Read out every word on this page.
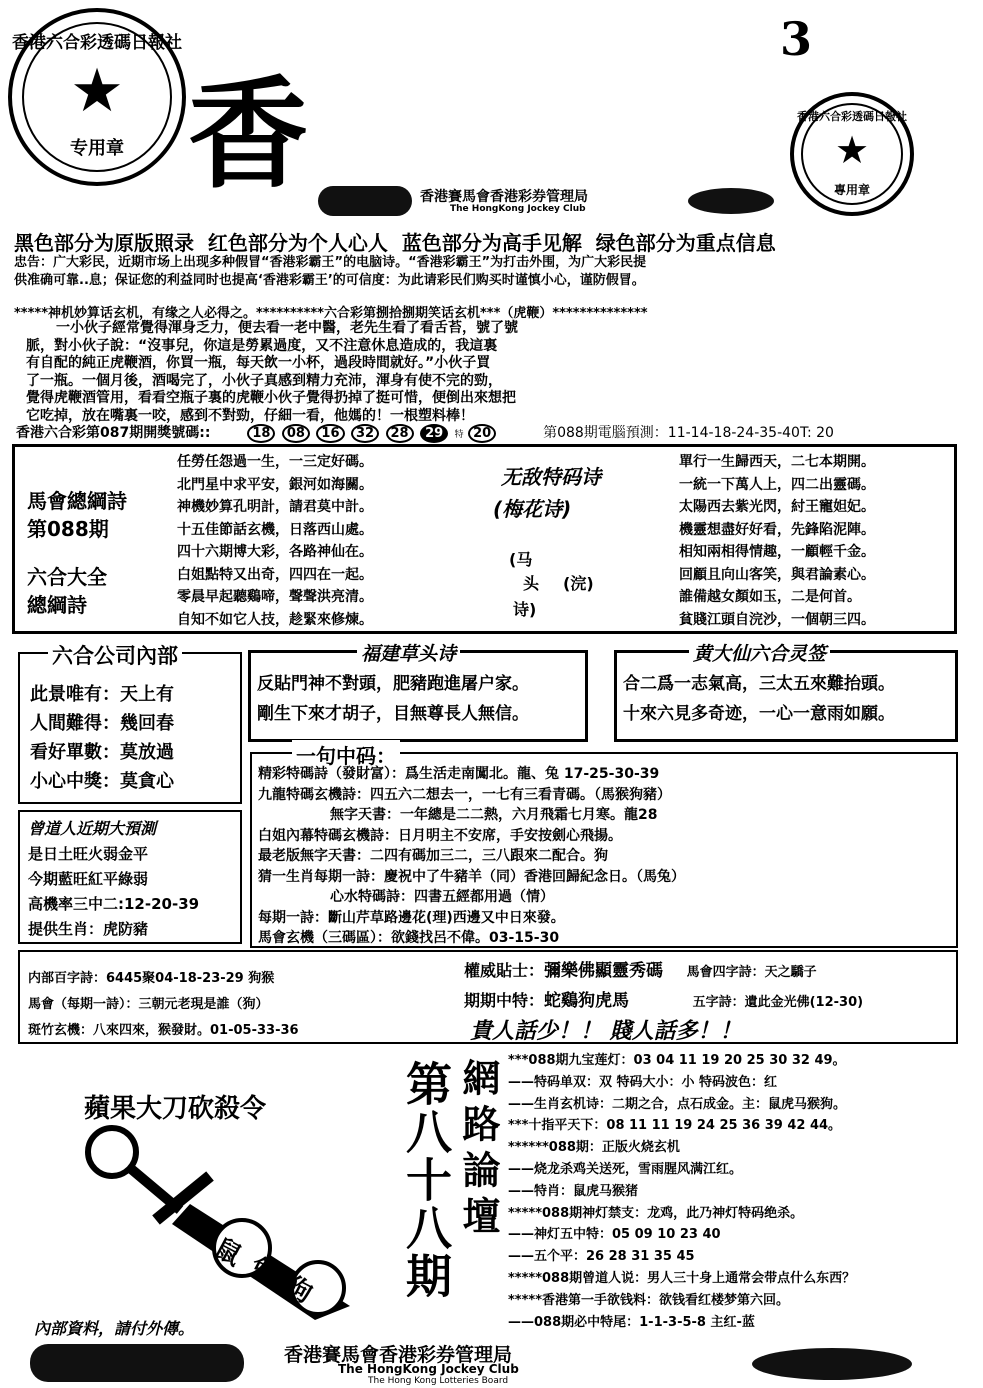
香港六合彩透碼日報社
★
专用章 香
3
香港賽馬會香港彩券管理局
The HongKong Jockey Club
香港六合彩透碼日報社
★
專用章
黑色部分为原版照录  红色部分为个人心人  蓝色部分为高手见解  绿色部分为重点信息
忠告：广大彩民，近期市场上出现多种假冒“香港彩霸王”的电脑诗。“香港彩霸王”为打击外围，为广大彩民提
供准确可靠..息；保证您的利益同时也提高‘香港彩霸王’的可信度：为此请彩民们购买时谨慎小心，谨防假冒。
*****神机妙算话玄机，有缘之人必得之。**********六合彩第捌拾捌期笑话玄机***（虎鞭）**************
一小伙子經常覺得渾身乏力，便去看一老中醫，老先生看了看舌苔，號了號
脈，對小伙子說：“沒事兒，你這是勞累過度，又不注意休息造成的，我這裏
有自配的純正虎鞭酒，你買一瓶，每天飲一小杯，過段時間就好。”小伙子買
了一瓶。一個月後，酒喝完了，小伙子真感到精力充沛，渾身有使不完的勁，
覺得虎鞭酒管用，看看空瓶子裏的虎鞭小伙子覺得扔掉了挺可惜，便倒出來想把
它吃掉，放在嘴裏一咬，感到不對勁，仔細一看，他媽的！一根塑料棒！
香港六合彩第087期開獎號碼::	18 08 16 32 28 29 特 20	第088期電腦預測：11-14-18-24-35-40T: 20
馬會總綱詩
第088期
六合大全
總綱詩
任勞任怨過一生，一三定好碼。
北門星中求平安，銀河如海關。
神機妙算孔明計，請君莫中計。
十五佳節話玄機，日落西山處。
四十六期博大彩，各路神仙在。
白姐點特又出奇，四四在一起。
零晨早起聽鷄啼，聲聲洪亮清。
自知不如它人技，趁緊來修煉。
无敌特码诗
(梅花诗)
(马
头 (浣)
诗)
單行一生歸西天，二七本期開。
一統一下萬人上，四二出靈碼。
太陽西去紫光閃，紂王寵妲妃。
機靈想盡好好看，先鋒陷泥陣。
相知兩相得情趣，一顧輕千金。
回顧且向山客笑，與君論素心。
誰備越女顏如玉，二是何首。
貧賤江頭自浣沙，一個朝三四。
六合公司內部
此景唯有：天上有
人間難得：幾回春
看好單數：莫放過
小心中獎：莫貪心
福建草头诗
反貼門神不對頭，肥豬跑進屠户家。
剛生下來才胡子，目無尊長人無信。
黄大仙六合灵签
合二爲一志氣高，三太五來難抬頭。
十來六見多奇迹，一心一意雨如願。
一句中码：
精彩特碼詩（發財富）：爲生活走南闖北。龍、兔 17-25-30-39
九龍特碼玄機詩：四五六二想去一，一七有三看青碼。（馬猴狗豬）
無字天書：一年總是二二熱，六月飛霜七月寒。龍28
白姐內幕特碼玄機詩：日月明主不安席，手安按劍心飛揚。
最老版無字天書：二四有碼加三二，三八跟來二配合。狗
猜一生肖每期一詩：慶祝中了牛豬羊（同）香港回歸紀念日。（馬兔）
心水特碼詩：四書五經都用過（情）
每期一詩：斷山芹草路邊花(理)西邊又中日來發。
馬會玄機（三碼區）：欲錢找呂不偉。03-15-30
曾道人近期大預測
是日土旺火弱金平
今期藍旺紅平綠弱
高機率三中二:12-20-39
提供生肖：虎防豬
内部百字詩：6445聚04-18-23-29 狗猴
馬會（每期一詩）：三朝元老現是誰（狗）
斑竹玄機：八來四來，猴發財。01-05-33-36
權威貼士：彌樂佛顯靈秀碼 馬會四字詩：天之驕子
期期中特：蛇鷄狗虎馬	五字詩：遺此金光佛(12-30)
貴人話少！！ 賤人話多！！
蘋果大刀砍殺令
鼠兔狗
內部資料，請付外傳。
第八十八期 網路論壇 ***088期九宝莲灯：03 04 11 19 20 25 30 32 49。
——特码单双：双 特码大小：小 特码波色：红
——生肖玄机诗：二期之合，点石成金。主：鼠虎马猴狗。
***十指平天下：08 11 11 19 24 25 36 39 42 44。
******088期：正版火烧玄机
——烧龙杀鸡关送死，雪雨腥风满江红。
——特肖：鼠虎马猴猪
*****088期神灯禁支：龙鸡，此乃神灯特码绝杀。
——神灯五中特：05 09 10 23 40
——五个平：26 28 31 35 45
*****088期曾道人说：男人三十身上通常会带点什么东西？
*****香港第一手欲钱料：欲钱看红楼梦第六回。
——088期必中特尾：1-1-3-5-8 主红-蓝
香港賽馬會香港彩券管理局
The HongKong Jockey Club
The Hong Kong Lotteries Board
